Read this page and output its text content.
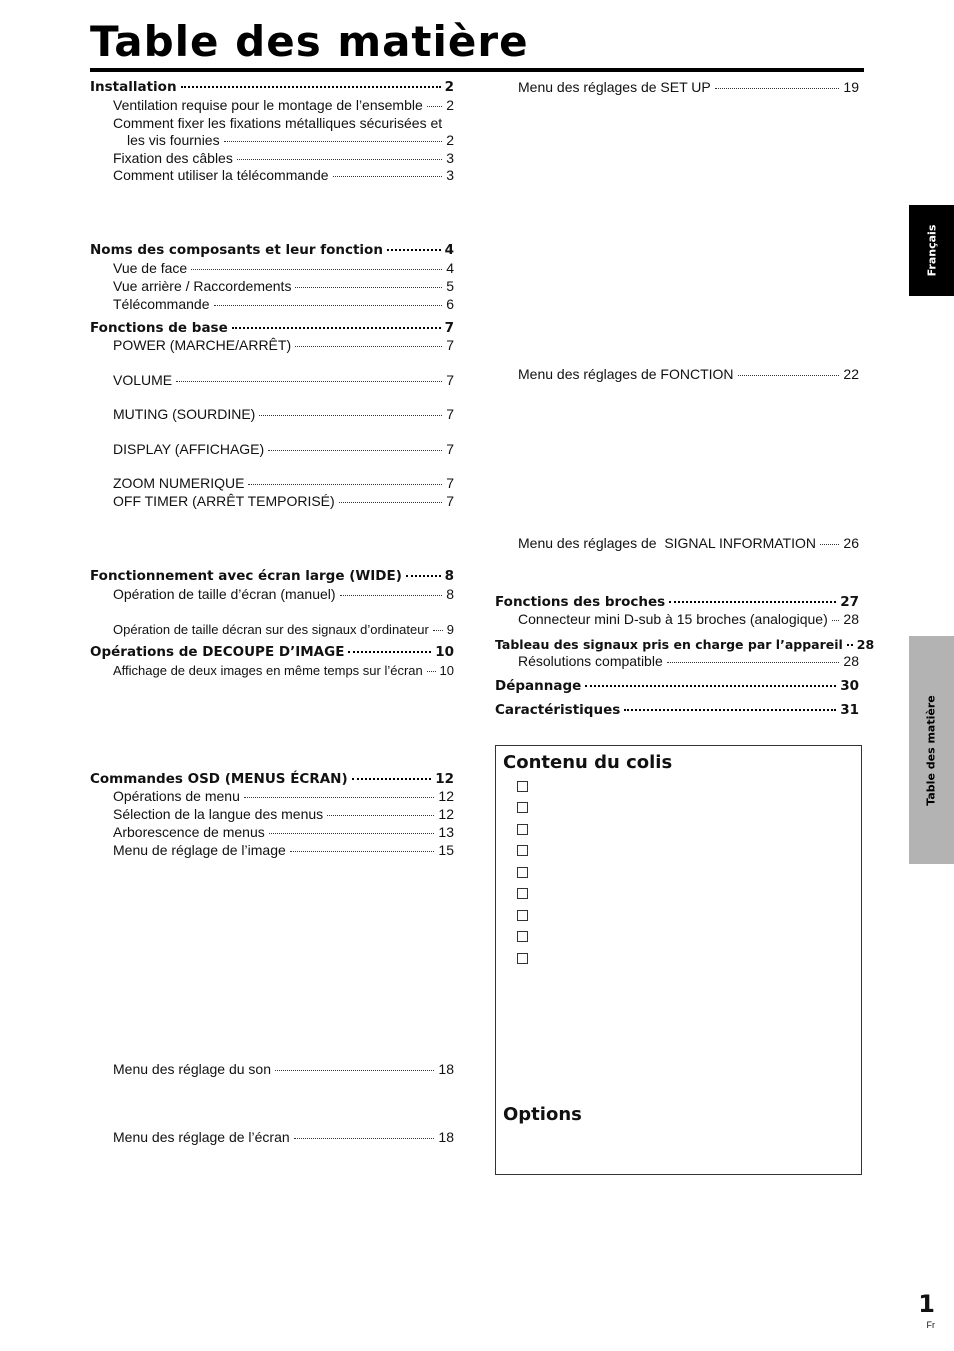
Table des matière
Installation	2
Ventilation requise pour le montage de l’ensemble 2
Comment fixer les fixations métalliques sécurisées et
les vis fournies	2
Fixation des câbles	3
Comment utiliser la télécommande	3
Noms des composants et leur fonction	4
Vue de face	4
Vue arrière / Raccordements	5
Télécommande	6
Fonctions de base	7
POWER (MARCHE/ARRÊT)	7
VOLUME	7
MUTING (SOURDINE)	7
DISPLAY (AFFICHAGE)	7
ZOOM NUMERIQUE	7
OFF TIMER (ARRÊT TEMPORISÉ)	7
Fonctionnement avec écran large (WIDE)	8
Opération de taille d’écran (manuel)	8
Opération de taille décran sur des signaux d’ordinateur 9
Opérations de DECOUPE D’IMAGE	10
Affichage de deux images en même temps sur l’écran 10
Commandes OSD (MENUS ÉCRAN)	12
Opérations de menu	12
Sélection de la langue des menus	12
Arborescence de menus	13
Menu de réglage de l’image	15
Menu des réglage du son	18
Menu des réglage de l’écran	18
Menu des réglages de SET UP	19
Menu des réglages de FONCTION	22
Menu des réglages de  SIGNAL INFORMATION 26
Fonctions des broches	27
Connecteur mini D-sub à 15 broches (analogique) 28
Tableau des signaux pris en charge par l’appareil 28
Résolutions compatible	28
Dépannage	30
Caractéristiques	31
Contenu du colis
Options
Français
Table des matière
1
Fr
